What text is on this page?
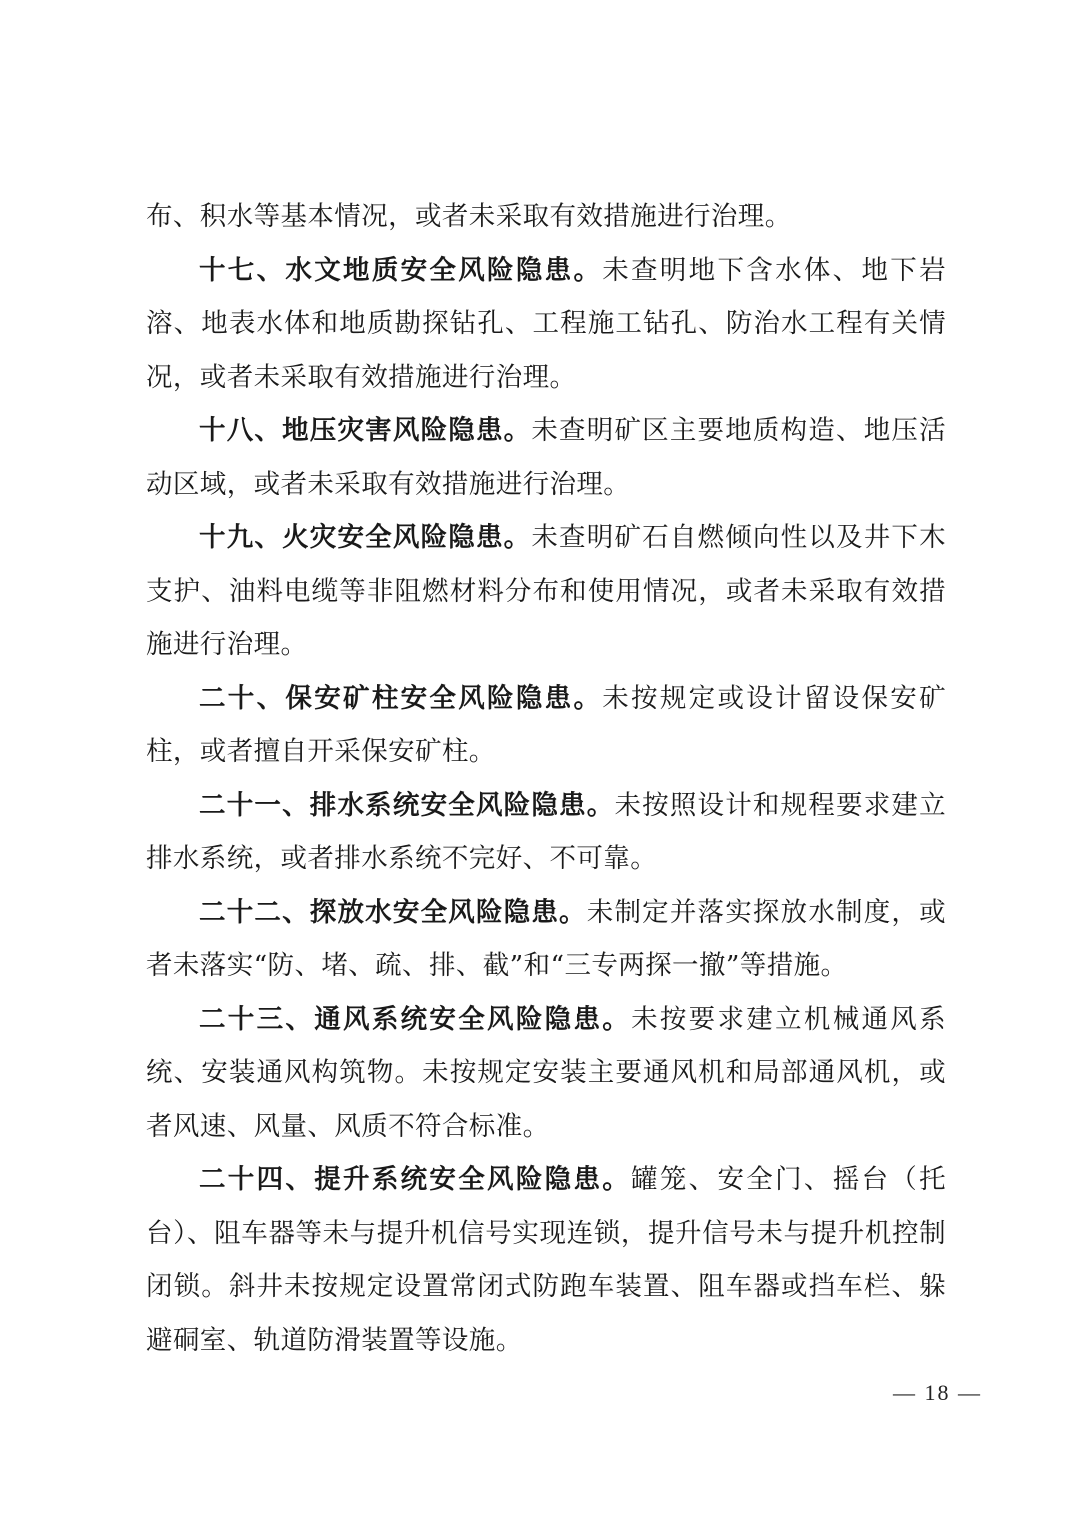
布、积水等基本情况，或者未采取有效措施进行治理。

十七、水文地质安全风险隐患。未查明地下含水体、地下岩溶、地表水体和地质勘探钻孔、工程施工钻孔、防治水工程有关情况，或者未采取有效措施进行治理。

十八、地压灾害风险隐患。未查明矿区主要地质构造、地压活动区域，或者未采取有效措施进行治理。

十九、火灾安全风险隐患。未查明矿石自燃倾向性以及井下木支护、油料电缆等非阻燃材料分布和使用情况，或者未采取有效措施进行治理。

二十、保安矿柱安全风险隐患。未按规定或设计留设保安矿柱，或者擅自开采保安矿柱。

二十一、排水系统安全风险隐患。未按照设计和规程要求建立排水系统，或者排水系统不完好、不可靠。

二十二、探放水安全风险隐患。未制定并落实探放水制度，或者未落实“防、堵、疏、排、截”和“三专两探一撤”等措施。

二十三、通风系统安全风险隐患。未按要求建立机械通风系统、安装通风构筑物。未按规定安装主要通风机和局部通风机，或者风速、风量、风质不符合标准。

二十四、提升系统安全风险隐患。罐笼、安全门、摇台（托台）、阻车器等未与提升机信号实现连锁，提升信号未与提升机控制闭锁。斜井未按规定设置常闭式防跑车装置、阻车器或挡车栏、躲避硐室、轨道防滑装置等设施。

— 18 —
